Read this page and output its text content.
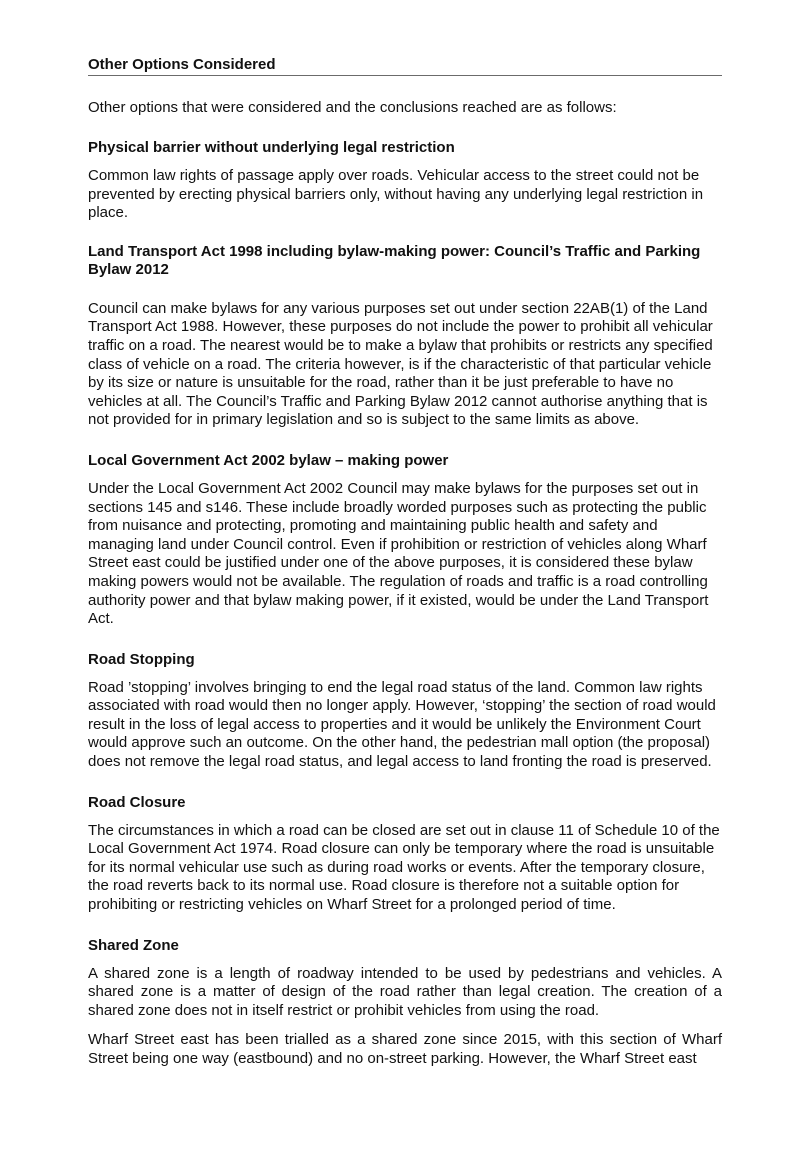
Other Options Considered

Other options that were considered and the conclusions reached are as follows:

Physical barrier without underlying legal restriction

Common law rights of passage apply over roads. Vehicular access to the street could not be prevented by erecting physical barriers only, without having any underlying legal restriction in place.

Land Transport Act 1998 including bylaw-making power: Council’s Traffic and Parking Bylaw 2012

Council can make bylaws for any various purposes set out under section 22AB(1) of the Land Transport Act 1988. However, these purposes do not include the power to prohibit all vehicular traffic on a road. The nearest would be to make a bylaw that prohibits or restricts any specified class of vehicle on a road. The criteria however, is if the characteristic of that particular vehicle by its size or nature is unsuitable for the road, rather than it be just preferable to have no vehicles at all. The Council’s Traffic and Parking Bylaw 2012 cannot authorise anything that is not provided for in primary legislation and so is subject to the same limits as above.

Local Government Act 2002 bylaw – making power

Under the Local Government Act 2002 Council may make bylaws for the purposes set out in sections 145 and s146. These include broadly worded purposes such as protecting the public from nuisance and protecting, promoting and maintaining public health and safety and managing land under Council control. Even if prohibition or restriction of vehicles along Wharf Street east could be justified under one of the above purposes, it is considered these bylaw making powers would not be available. The regulation of roads and traffic is a road controlling authority power and that bylaw making power, if it existed, would be under the Land Transport Act.

Road Stopping

Road ’stopping’ involves bringing to end the legal road status of the land. Common law rights associated with road would then no longer apply. However, ‘stopping’ the section of road would result in the loss of legal access to properties and it would be unlikely the Environment Court would approve such an outcome. On the other hand, the pedestrian mall option (the proposal) does not remove the legal road status, and legal access to land fronting the road is preserved.

Road Closure

The circumstances in which a road can be closed are set out in clause 11 of Schedule 10 of the Local Government Act 1974. Road closure can only be temporary where the road is unsuitable for its normal vehicular use such as during road works or events. After the temporary closure, the road reverts back to its normal use. Road closure is therefore not a suitable option for prohibiting or restricting vehicles on Wharf Street for a prolonged period of time.

Shared Zone

A shared zone is a length of roadway intended to be used by pedestrians and vehicles. A shared zone is a matter of design of the road rather than legal creation. The creation of a shared zone does not in itself restrict or prohibit vehicles from using the road.

Wharf Street east has been trialled as a shared zone since 2015, with this section of Wharf Street being one way (eastbound) and no on-street parking. However, the Wharf Street east
